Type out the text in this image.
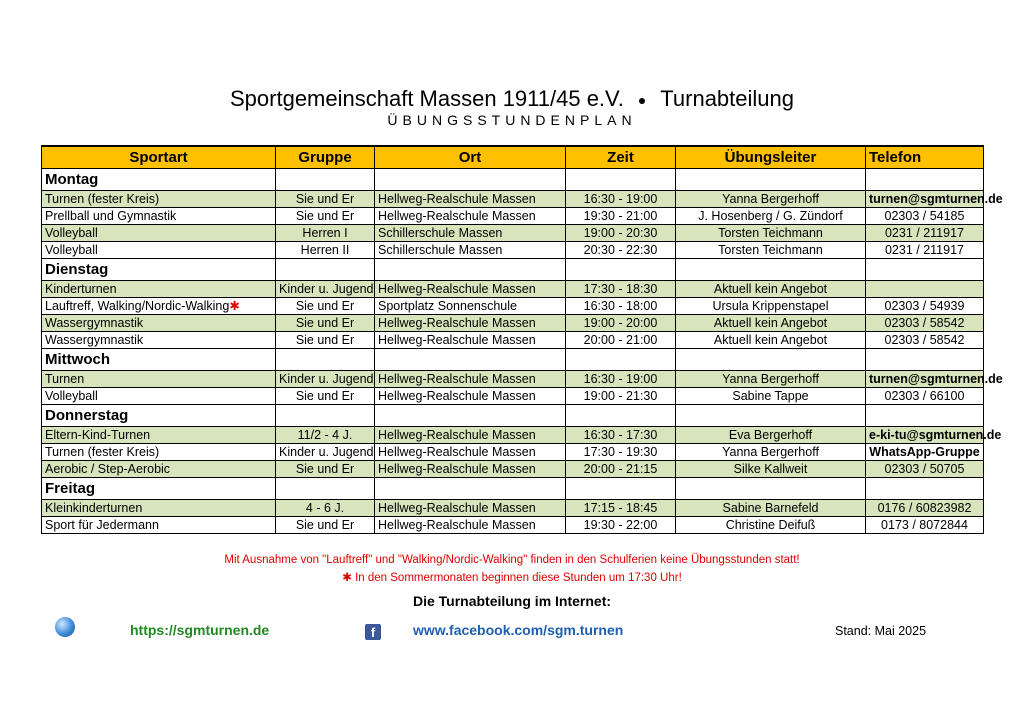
Sportgemeinschaft Massen 1911/45 e.V. ● Turnabteilung
ÜBUNGSSTUNDENPLAN
Sportart	Gruppe	Ort	Zeit	Übungsleiter	Telefon
Montag					
Turnen (fester Kreis)	Sie und Er	Hellweg-Realschule Massen	16:30 - 19:00	Yanna Bergerhoff	turnen@sgmturnen.de
Prellball und Gymnastik	Sie und Er	Hellweg-Realschule Massen	19:30 - 21:00	J. Hosenberg / G. Zündorf	02303 / 54185
Volleyball	Herren I	Schillerschule Massen	19:00 - 20:30	Torsten Teichmann	0231 / 211917
Volleyball	Herren II	Schillerschule Massen	20:30 - 22:30	Torsten Teichmann	0231 / 211917
Dienstag					
Kinderturnen	Kinder u. Jugend	Hellweg-Realschule Massen	17:30 - 18:30	Aktuell kein Angebot	
Lauftreff, Walking/Nordic-Walking✱	Sie und Er	Sportplatz Sonnenschule	16:30 - 18:00	Ursula Krippenstapel	02303 / 54939
Wassergymnastik	Sie und Er	Hellweg-Realschule Massen	19:00 - 20:00	Aktuell kein Angebot	02303 / 58542
Wassergymnastik	Sie und Er	Hellweg-Realschule Massen	20:00 - 21:00	Aktuell kein Angebot	02303 / 58542
Mittwoch					
Turnen	Kinder u. Jugend	Hellweg-Realschule Massen	16:30 - 19:00	Yanna Bergerhoff	turnen@sgmturnen.de
Volleyball	Sie und Er	Hellweg-Realschule Massen	19:00 - 21:30	Sabine Tappe	02303 / 66100
Donnerstag					
Eltern-Kind-Turnen	11/2 - 4 J.	Hellweg-Realschule Massen	16:30 - 17:30	Eva Bergerhoff	e-ki-tu@sgmturnen.de
Turnen (fester Kreis)	Kinder u. Jugend	Hellweg-Realschule Massen	17:30 - 19:30	Yanna Bergerhoff	WhatsApp-Gruppe
Aerobic / Step-Aerobic	Sie und Er	Hellweg-Realschule Massen	20:00 - 21:15	Silke Kallweit	02303 / 50705
Freitag					
Kleinkinderturnen	4 - 6 J.	Hellweg-Realschule Massen	17:15 - 18:45	Sabine Barnefeld	0176 / 60823982
Sport für Jedermann	Sie und Er	Hellweg-Realschule Massen	19:30 - 22:00	Christine Deifuß	0173 / 8072844
Mit Ausnahme von "Lauftreff" und "Walking/Nordic-Walking" finden in den Schulferien keine Übungsstunden statt!
✱ In den Sommermonaten beginnen diese Stunden um 17:30 Uhr!
Die Turnabteilung im Internet:
https://sgmturnen.de	f	www.facebook.com/sgm.turnen	Stand: Mai 2025
